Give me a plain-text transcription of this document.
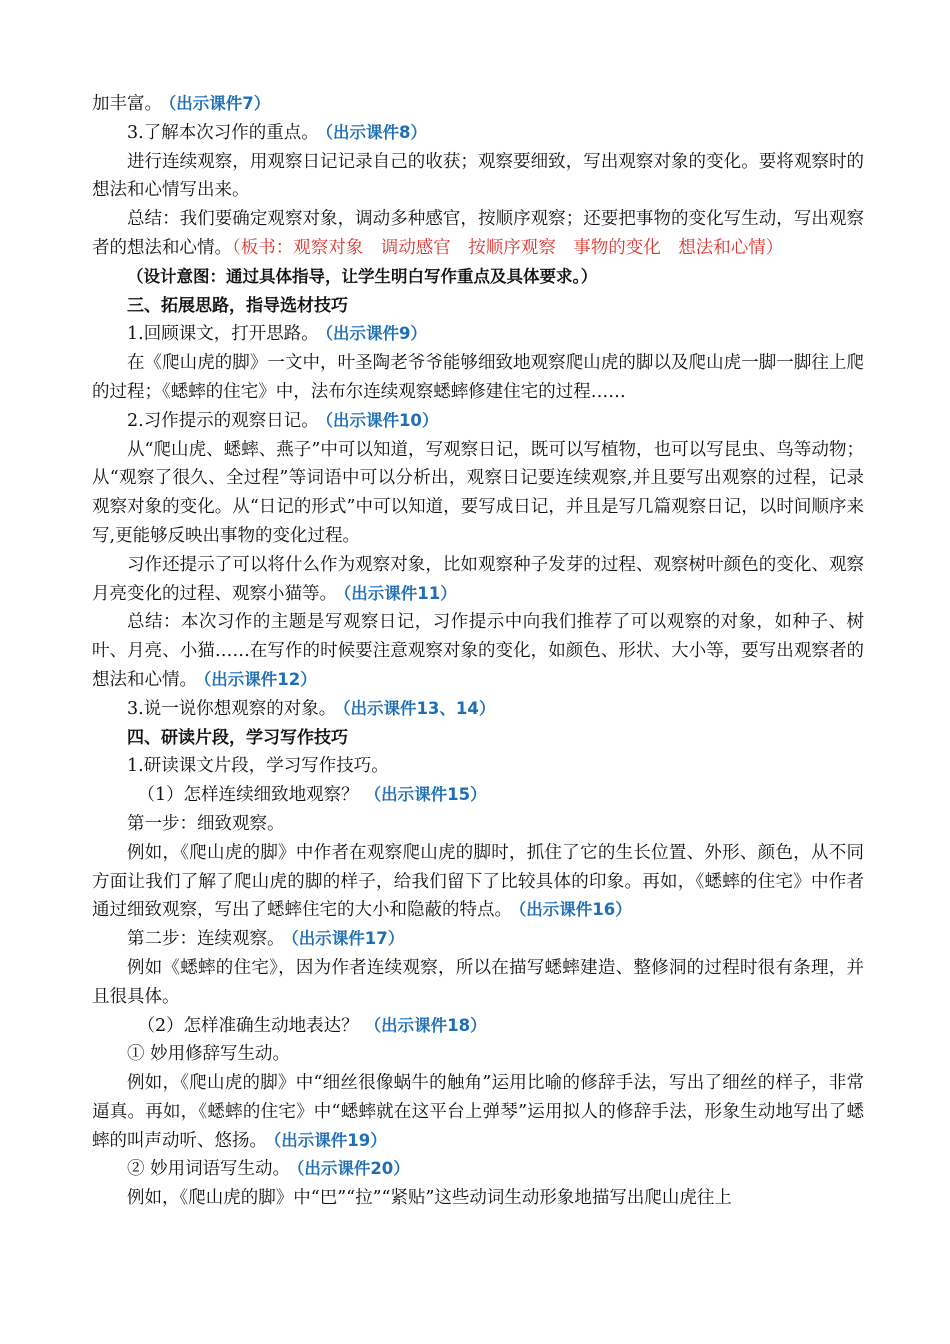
加丰富。 （出示课件7）

3.了解本次习作的重点。 （出示课件8）

进行连续观察，用观察日记记录自己的收获；观察要细致，写出观察对象的变化。要将观察时的想法和心情写出来。

总结：我们要确定观察对象，调动多种感官，按顺序观察；还要把事物的变化写生动，写出观察者的想法和心情。（板书：观察对象　调动感官　按顺序观察　事物的变化　想法和心情）

（设计意图：通过具体指导，让学生明白写作重点及具体要求。）

三、拓展思路，指导选材技巧

1.回顾课文，打开思路。 （出示课件9）

在《爬山虎的脚》一文中，叶圣陶老爷爷能够细致地观察爬山虎的脚以及爬山虎一脚一脚往上爬的过程；《蟋蟀的住宅》中，法布尔连续观察蟋蟀修建住宅的过程……

2.习作提示的观察日记。 （出示课件10）

从“爬山虎、蟋蟀、燕子”中可以知道，写观察日记，既可以写植物，也可以写昆虫、鸟等动物；从“观察了很久、全过程”等词语中可以分析出，观察日记要连续观察,并且要写出观察的过程，记录观察对象的变化。从“日记的形式”中可以知道，要写成日记，并且是写几篇观察日记，以时间顺序来写,更能够反映出事物的变化过程。

习作还提示了可以将什么作为观察对象，比如观察种子发芽的过程、观察树叶颜色的变化、观察月亮变化的过程、观察小猫等。 （出示课件11）

总结：本次习作的主题是写观察日记，习作提示中向我们推荐了可以观察的对象，如种子、树叶、月亮、小猫……在写作的时候要注意观察对象的变化，如颜色、形状、大小等，要写出观察者的想法和心情。 （出示课件12）

3.说一说你想观察的对象。 （出示课件13、14）

四、研读片段，学习写作技巧

1.研读课文片段，学习写作技巧。

（1）怎样连续细致地观察？ （出示课件15）

第一步：细致观察。

例如，《爬山虎的脚》中作者在观察爬山虎的脚时，抓住了它的生长位置、外形、颜色，从不同方面让我们了解了爬山虎的脚的样子，给我们留下了比较具体的印象。再如，《蟋蟀的住宅》中作者通过细致观察，写出了蟋蟀住宅的大小和隐蔽的特点。 （出示课件16）

第二步：连续观察。 （出示课件17）

例如《蟋蟀的住宅》，因为作者连续观察，所以在描写蟋蟀建造、整修洞的过程时很有条理，并且很具体。

（2）怎样准确生动地表达？ （出示课件18）

① 妙用修辞写生动。

例如，《爬山虎的脚》中“细丝很像蜗牛的触角”运用比喻的修辞手法，写出了细丝的样子，非常逼真。再如，《蟋蟀的住宅》中“蟋蟀就在这平台上弹琴”运用拟人的修辞手法，形象生动地写出了蟋蟀的叫声动听、悠扬。 （出示课件19）

② 妙用词语写生动。 （出示课件20）

例如，《爬山虎的脚》中“巴”“拉”“紧贴”这些动词生动形象地描写出爬山虎往上
